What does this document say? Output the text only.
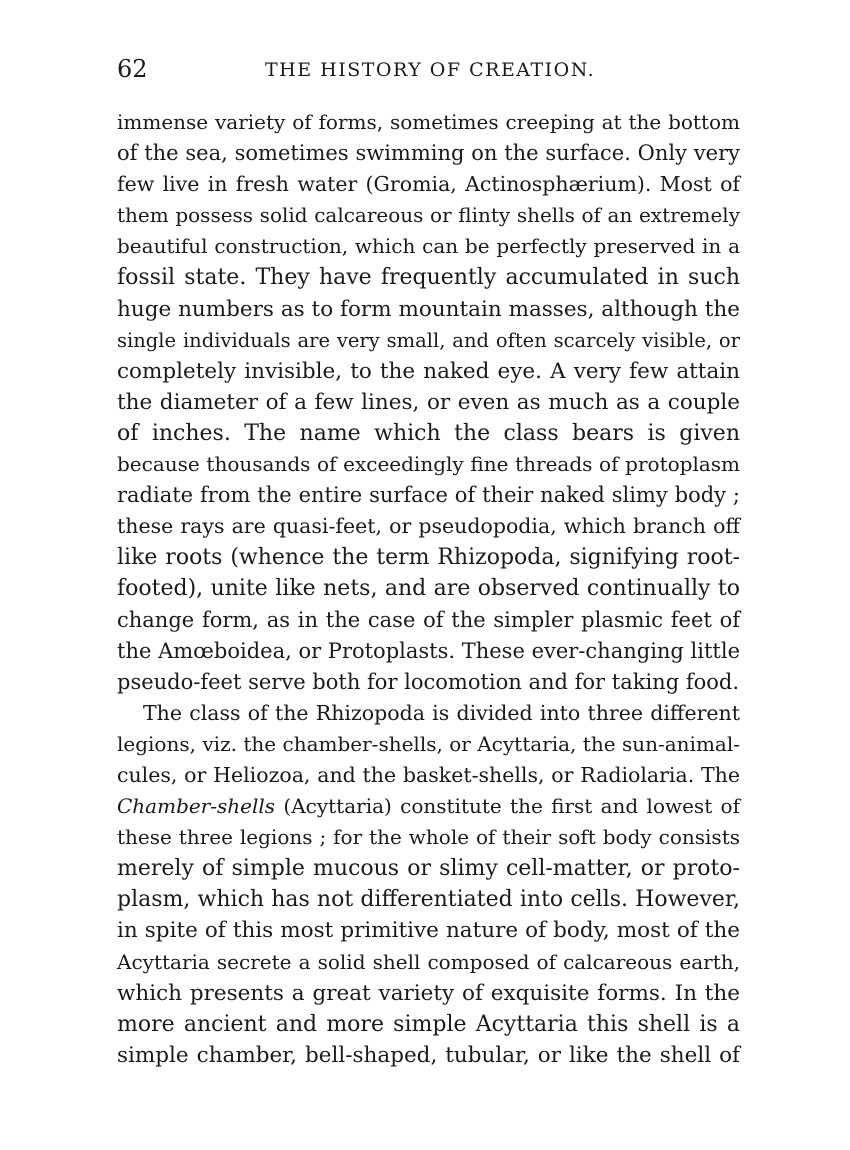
62	THE HISTORY OF CREATION.
immense variety of forms, sometimes creeping at the bottom
of the sea, sometimes swimming on the surface. Only very
few live in fresh water (Gromia, Actinosphærium). Most of
them possess solid calcareous or flinty shells of an extremely
beautiful construction, which can be perfectly preserved in a
fossil state. They have frequently accumulated in such
huge numbers as to form mountain masses, although the
single individuals are very small, and often scarcely visible, or
completely invisible, to the naked eye. A very few attain
the diameter of a few lines, or even as much as a couple
of inches. The name which the class bears is given
because thousands of exceedingly fine threads of protoplasm
radiate from the entire surface of their naked slimy body ;
these rays are quasi-feet, or pseudopodia, which branch off
like roots (whence the term Rhizopoda, signifying root-
footed), unite like nets, and are observed continually to
change form, as in the case of the simpler plasmic feet of
the Amœboidea, or Protoplasts. These ever-changing little
pseudo-feet serve both for locomotion and for taking food.
The class of the Rhizopoda is divided into three different
legions, viz. the chamber-shells, or Acyttaria, the sun-animal-
cules, or Heliozoa, and the basket-shells, or Radiolaria. The
Chamber-shells (Acyttaria) constitute the first and lowest of
these three legions ; for the whole of their soft body consists
merely of simple mucous or slimy cell-matter, or proto-
plasm, which has not differentiated into cells. However,
in spite of this most primitive nature of body, most of the
Acyttaria secrete a solid shell composed of calcareous earth,
which presents a great variety of exquisite forms. In the
more ancient and more simple Acyttaria this shell is a
simple chamber, bell-shaped, tubular, or like the shell of
